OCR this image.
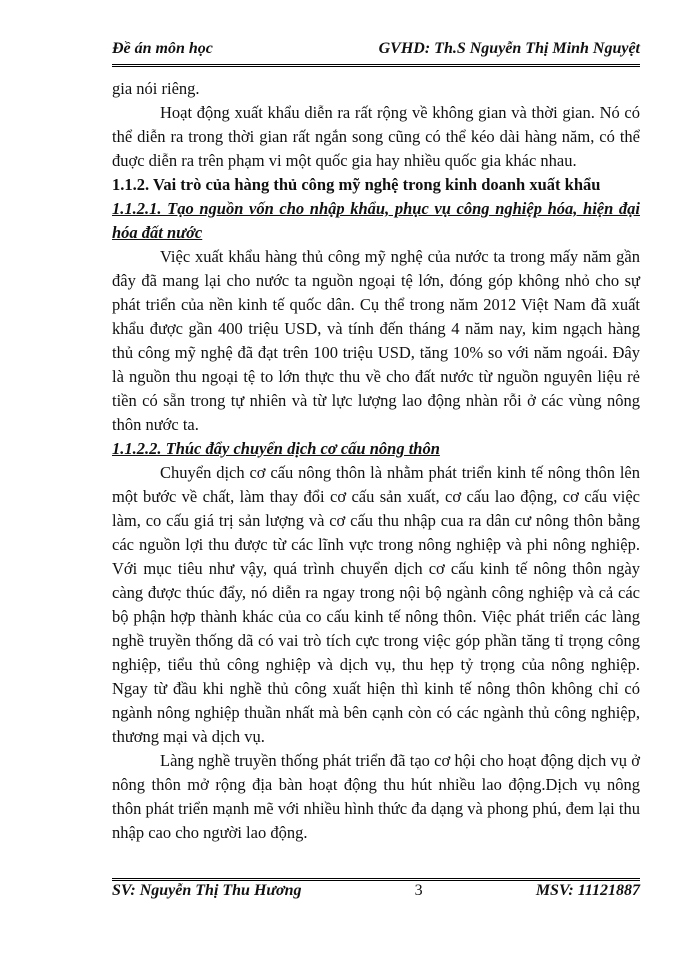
Đề án môn học	GVHD: Th.S Nguyễn Thị Minh Nguyệt

gia nói riêng.

Hoạt động xuất khẩu diễn ra rất rộng về không gian và thời gian. Nó có thể diễn ra trong thời gian rất ngắn song cũng có thể kéo dài hàng năm, có thể đuợc diễn ra trên phạm vi một quốc gia hay nhiều quốc gia khác nhau.

1.1.2. Vai trò của hàng thủ công mỹ nghệ trong kinh doanh xuất khẩu

1.1.2.1. Tạo nguồn vốn cho nhập khẩu, phục vụ công nghiệp hóa, hiện đại hóa đất nước

Việc xuất khẩu hàng thủ công mỹ nghệ của nước ta trong mấy năm gần đây đã mang lại cho nước ta nguồn ngoại tệ lớn, đóng góp không nhỏ cho sự phát triển của nền kinh tế quốc dân. Cụ thể trong năm 2012 Việt Nam đã xuất khẩu được gần 400 triệu USD, và tính đến tháng 4 năm nay, kim ngạch hàng thủ công mỹ nghệ đã đạt trên 100 triệu USD, tăng 10% so với năm ngoái. Đây là nguồn thu ngoại tệ to lớn thực thu về cho đất nước từ nguồn nguyên liệu rẻ tiền có sẵn trong tự nhiên và từ lực lượng lao động nhàn rỗi ở các vùng nông thôn nước ta.

1.1.2.2. Thúc đẩy chuyển dịch cơ cấu nông thôn

Chuyển dịch cơ cấu nông thôn là nhằm phát triển kinh tế nông thôn lên một bước về chất, làm thay đổi cơ cấu sản xuất, cơ cấu lao động, cơ cấu việc làm, co cấu giá trị sản lượng và cơ cấu thu nhập cua ra dân cư nông thôn bằng các nguồn lợi thu được từ các lĩnh vực trong nông nghiệp và phi nông nghiệp. Với mục tiêu như vậy, quá trình chuyển dịch cơ cấu kinh tế nông thôn ngày càng được thúc đẩy, nó diễn ra ngay trong nội bộ ngành công nghiệp và cả các bộ phận hợp thành khác của co cấu kinh tế nông thôn. Việc phát triển các làng nghề truyền thống dã có vai trò tích cực trong việc góp phần tăng tỉ trọng công nghiệp, tiểu thủ công nghiệp và dịch vụ, thu hẹp tỷ trọng của nông nghiệp. Ngay từ đầu khi nghề thủ công xuất hiện thì kinh tế nông thôn không chỉ có ngành nông nghiệp thuần nhất mà bên cạnh còn có các ngành thủ công nghiệp, thương mại và dịch vụ.

Làng nghề truyền thống phát triển đã tạo cơ hội cho hoạt động dịch vụ ở nông thôn mở rộng địa bàn hoạt động thu hút nhiều lao động.Dịch vụ nông thôn phát triển mạnh mẽ với nhiều hình thức đa dạng và phong phú, đem lại thu nhập cao cho người lao động.

SV: Nguyễn Thị Thu Hương	3	MSV: 11121887
